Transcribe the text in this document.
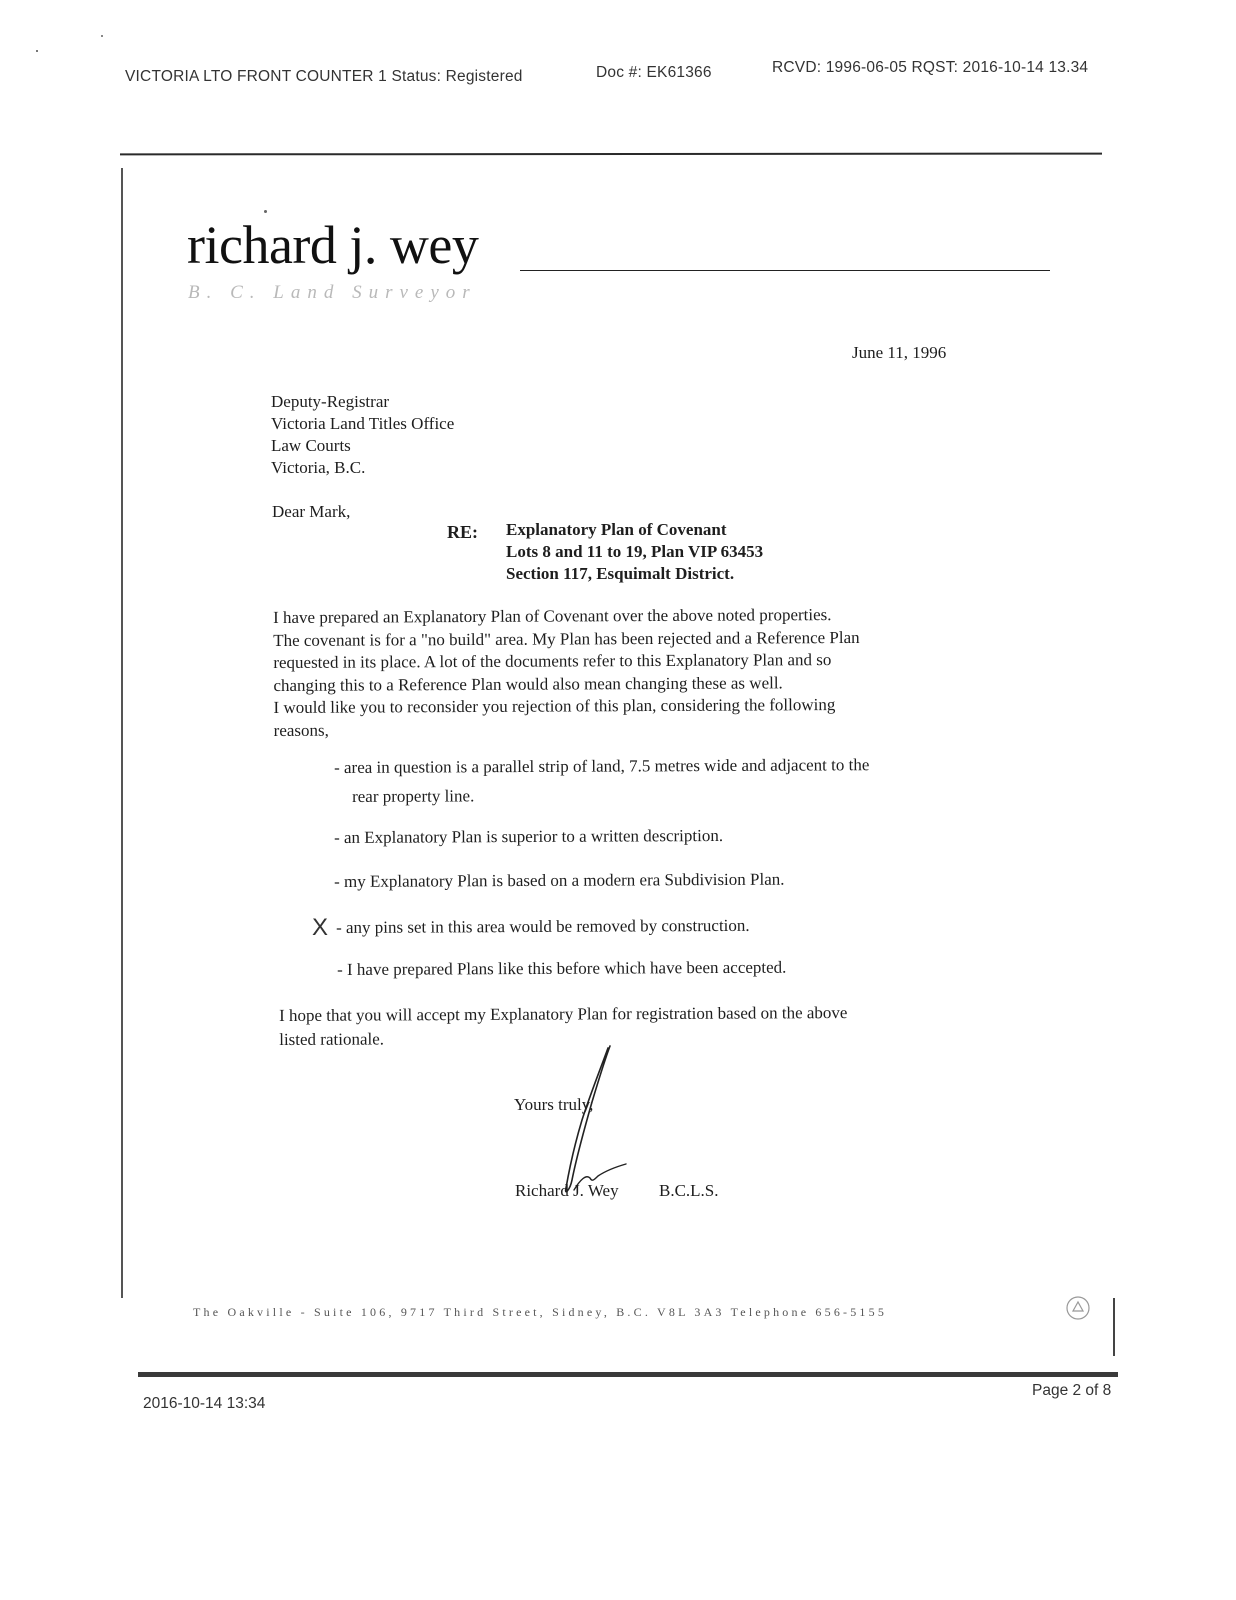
VICTORIA LTO FRONT COUNTER 1 Status: Registered	Doc #: EK61366	RCVD: 1996-06-05 RQST: 2016-10-14 13.34
richard j. wey
B. C. Land Surveyor
June 11, 1996
Deputy-Registrar
Victoria Land Titles Office
Law Courts
Victoria, B.C.
Dear Mark,
RE: Explanatory Plan of Covenant
Lots 8 and 11 to 19, Plan VIP 63453
Section 117, Esquimalt District.
I have prepared an Explanatory Plan of Covenant over the above noted properties.
The covenant is for a "no build" area. My Plan has been rejected and a Reference Plan
requested in its place. A lot of the documents refer to this Explanatory Plan and so
changing this to a Reference Plan would also mean changing these as well.
I would like you to reconsider you rejection of this plan, considering the following
reasons,
- area in question is a parallel strip of land, 7.5 metres wide and adjacent to the
rear property line.
- an Explanatory Plan is superior to a written description.
- my Explanatory Plan is based on a modern era Subdivision Plan.
X - any pins set in this area would be removed by construction.
- I have prepared Plans like this before which have been accepted.
I hope that you will accept my Explanatory Plan for registration based on the above
listed rationale.
Yours truly,
Richard J. Wey B.C.L.S.
The Oakville - Suite 106, 9717 Third Street, Sidney, B.C. V8L 3A3 Telephone 656-5155
2016-10-14 13:34
Page 2 of 8
